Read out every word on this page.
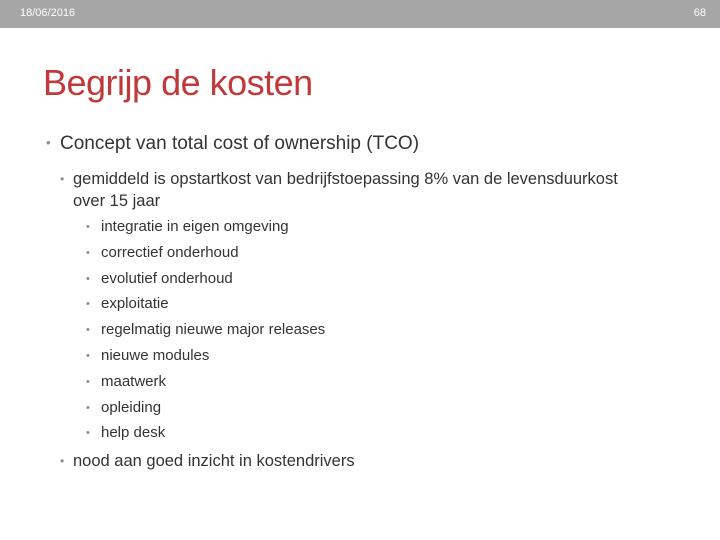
18/06/2016	68
Begrijp de kosten
• Concept van total cost of ownership (TCO)
• gemiddeld is opstartkost van bedrijfstoepassing 8% van de levensduurkost over 15 jaar
• integratie in eigen omgeving
• correctief onderhoud
• evolutief onderhoud
• exploitatie
• regelmatig nieuwe major releases
• nieuwe modules
• maatwerk
• opleiding
• help desk
• nood aan goed inzicht in kostendrivers
